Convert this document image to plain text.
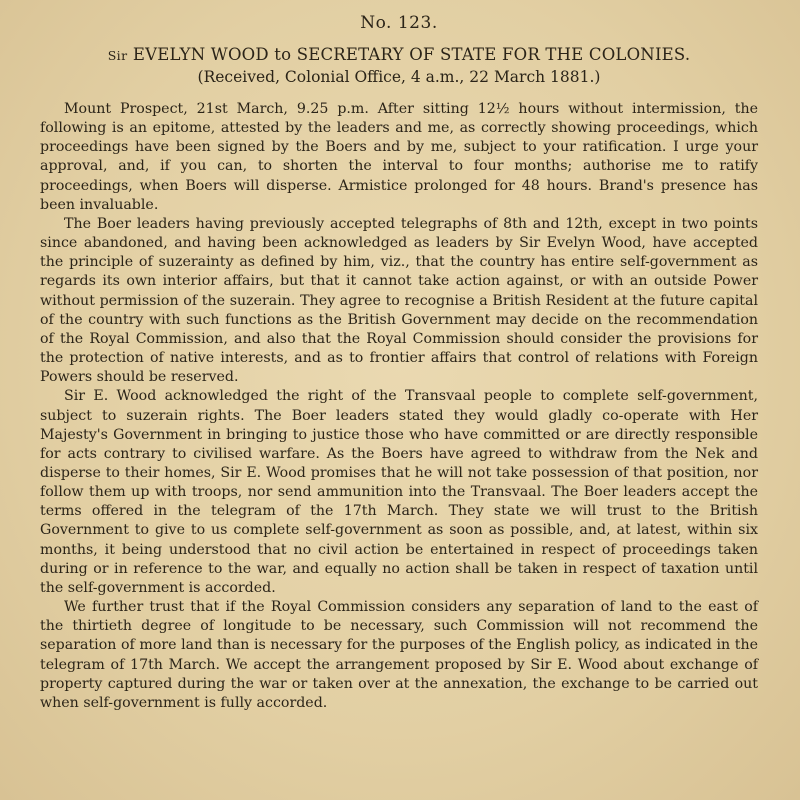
No. 123.
Sir EVELYN WOOD to SECRETARY OF STATE FOR THE COLONIES.
(Received, Colonial Office, 4 a.m., 22 March 1881.)

Mount Prospect, 21st March, 9.25 p.m. After sitting 12½ hours without intermission, the following is an epitome, attested by the leaders and me, as correctly showing proceedings, which proceedings have been signed by the Boers and by me, subject to your ratification. I urge your approval, and, if you can, to shorten the interval to four months; authorise me to ratify proceedings, when Boers will disperse. Armistice prolonged for 48 hours. Brand's presence has been invaluable.

The Boer leaders having previously accepted telegraphs of 8th and 12th, except in two points since abandoned, and having been acknowledged as leaders by Sir Evelyn Wood, have accepted the principle of suzerainty as defined by him, viz., that the country has entire self-government as regards its own interior affairs, but that it cannot take action against, or with an outside Power without permission of the suzerain. They agree to recognise a British Resident at the future capital of the country with such functions as the British Government may decide on the recommendation of the Royal Commission, and also that the Royal Commission should consider the provisions for the protection of native interests, and as to frontier affairs that control of relations with Foreign Powers should be reserved.

Sir E. Wood acknowledged the right of the Transvaal people to complete self-government, subject to suzerain rights. The Boer leaders stated they would gladly co-operate with Her Majesty's Government in bringing to justice those who have committed or are directly responsible for acts contrary to civilised warfare. As the Boers have agreed to withdraw from the Nek and disperse to their homes, Sir E. Wood promises that he will not take possession of that position, nor follow them up with troops, nor send ammunition into the Transvaal. The Boer leaders accept the terms offered in the telegram of the 17th March. They state we will trust to the British Government to give to us complete self-government as soon as possible, and, at latest, within six months, it being understood that no civil action be entertained in respect of proceedings taken during or in reference to the war, and equally no action shall be taken in respect of taxation until the self-government is accorded.

We further trust that if the Royal Commission considers any separation of land to the east of the thirtieth degree of longitude to be necessary, such Commission will not recommend the separation of more land than is necessary for the purposes of the English policy, as indicated in the telegram of 17th March. We accept the arrangement proposed by Sir E. Wood about exchange of property captured during the war or taken over at the annexation, the exchange to be carried out when self-government is fully accorded.
